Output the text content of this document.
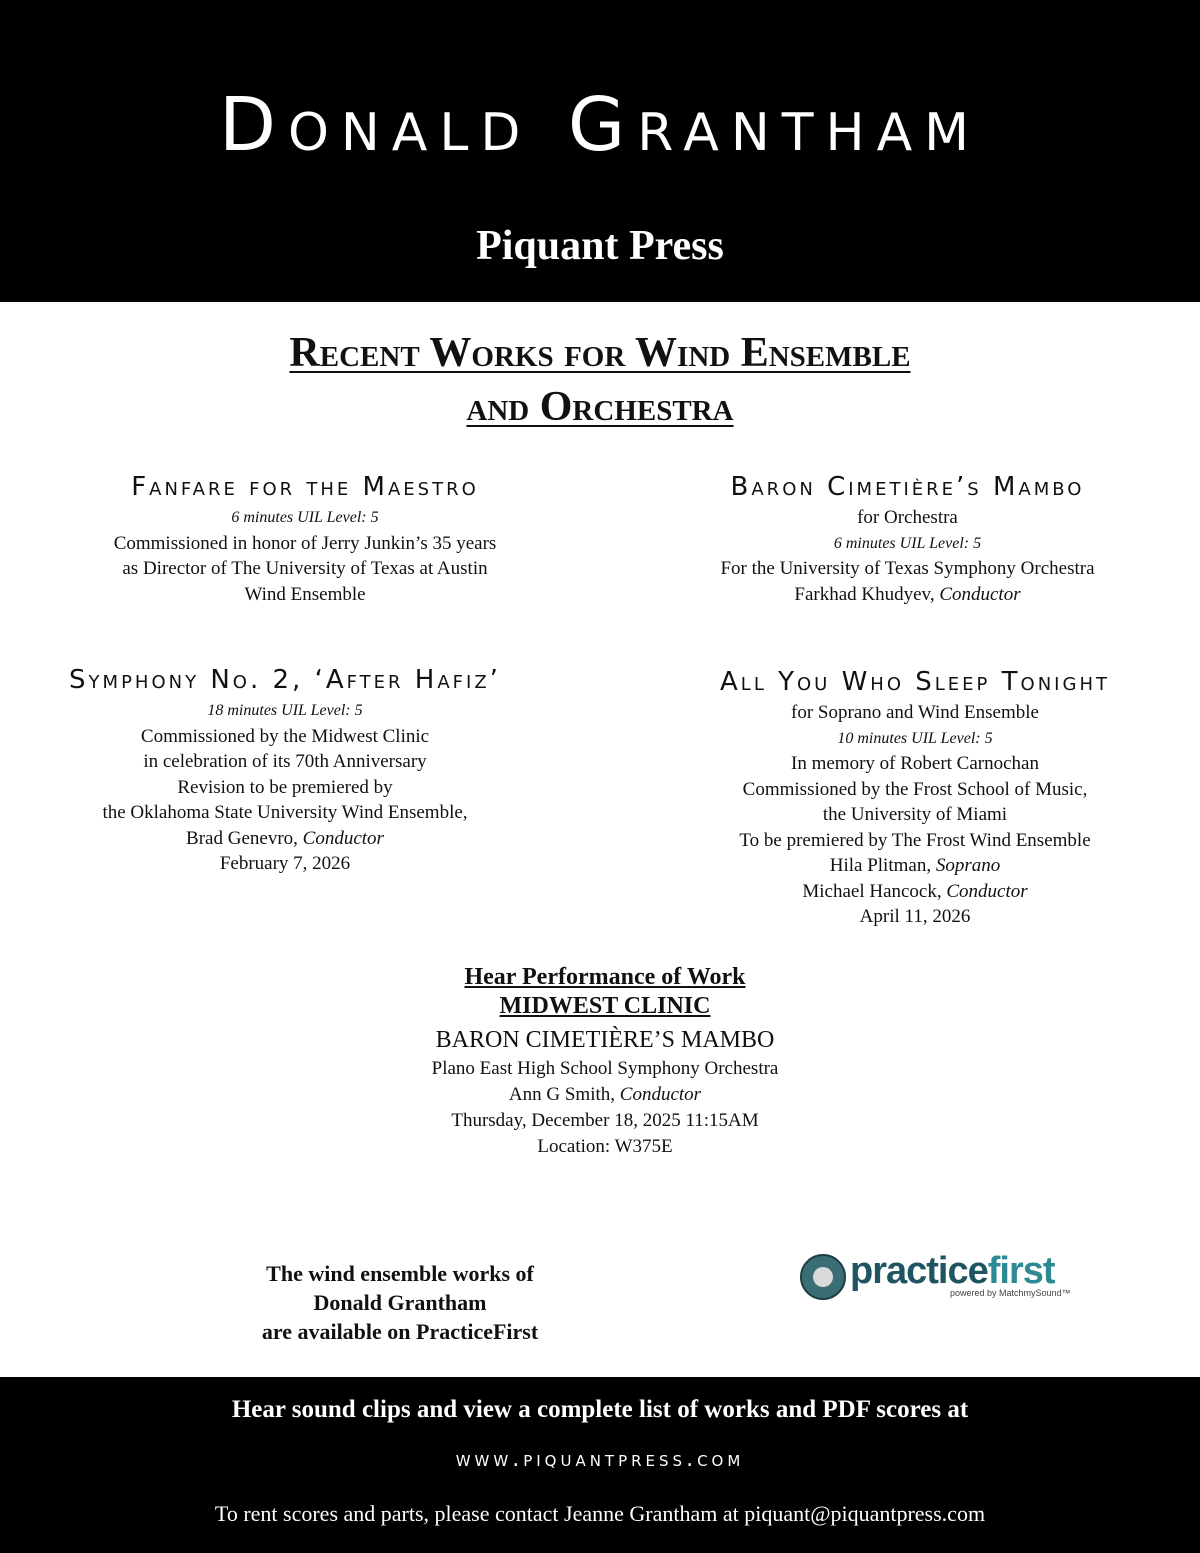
Donald Grantham
Piquant Press
Recent Works for Wind Ensemble
and Orchestra
Fanfare for the Maestro
6 minutes UIL Level: 5
Commissioned in honor of Jerry Junkin’s 35 years
as Director of The University of Texas at Austin
Wind Ensemble
Baron Cimetière’s Mambo
for Orchestra
6 minutes UIL Level: 5
For the University of Texas Symphony Orchestra
Farkhad Khudyev, Conductor
Symphony No. 2, ‘After Hafiz’
18 minutes UIL Level: 5
Commissioned by the Midwest Clinic
in celebration of its 70th Anniversary
Revision to be premiered by
the Oklahoma State University Wind Ensemble,
Brad Genevro, Conductor
February 7, 2026
All You Who Sleep Tonight
for Soprano and Wind Ensemble
10 minutes UIL Level: 5
In memory of Robert Carnochan
Commissioned by the Frost School of Music,
the University of Miami
To be premiered by The Frost Wind Ensemble
Hila Plitman, Soprano
Michael Hancock, Conductor
April 11, 2026
Hear Performance of Work
MIDWEST CLINIC
BARON CIMETIÈRE’S MAMBO
Plano East High School Symphony Orchestra
Ann G Smith, Conductor
Thursday, December 18, 2025 11:15AM
Location: W375E
The wind ensemble works of
Donald Grantham
are available on PracticeFirst
practicefirst
powered by MatchmySound™
Hear sound clips and view a complete list of works and PDF scores at
www.piquantpress.com
To rent scores and parts, please contact Jeanne Grantham at piquant@piquantpress.com
